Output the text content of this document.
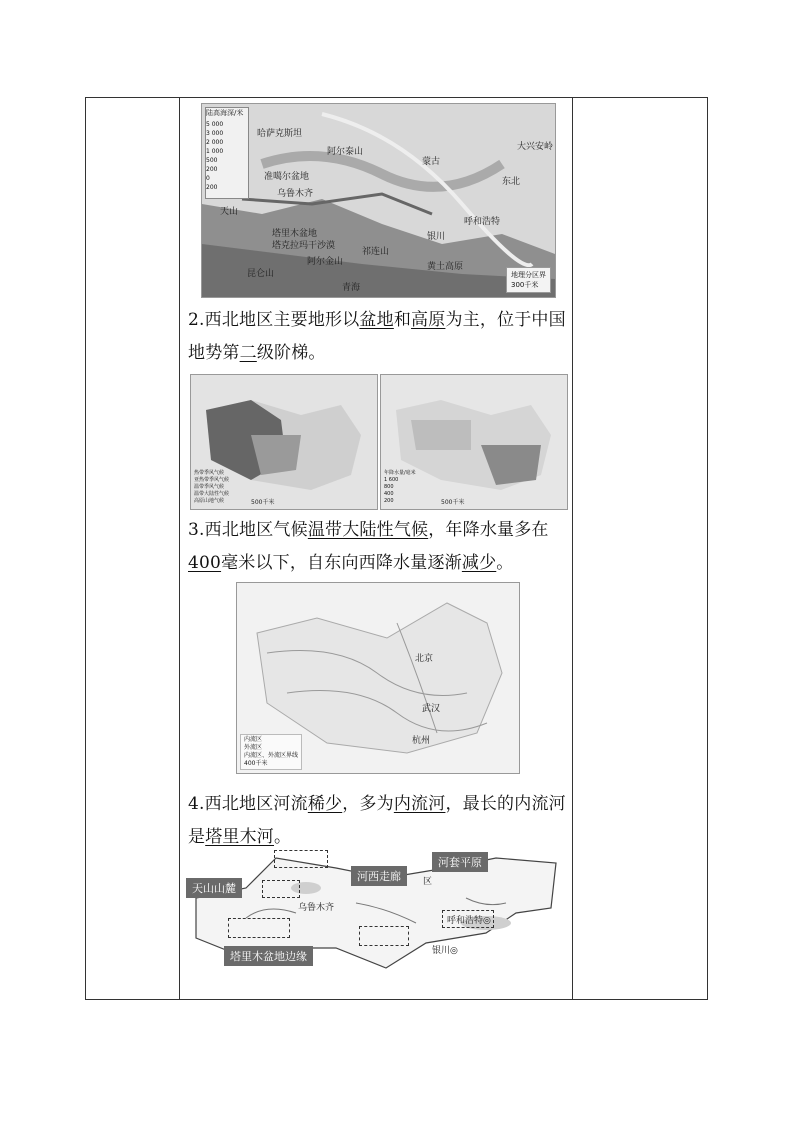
陆高海深/米
5 000
3 000
2 000
1 000
500
200
0
200
哈萨克斯坦
阿尔泰山
蒙古
准噶尔盆地
乌鲁木齐
天山
塔里木盆地
塔克拉玛干沙漠
阿尔金山
祁连山
昆仑山
青海
大兴安岭
东北
银川
呼和浩特
黄土高原
地理分区界
300千米
2.西北地区主要地形以盆地和高原为主，位于中国地势第二级阶梯。
热带季风气候
亚热带季风气候
温带季风气候
温带大陆性气候
高原山地气候	500千米
年降水量/毫米
1 600
800
400
200	500千米
3.西北地区气候温带大陆性气候，年降水量多在400毫米以下，自东向西降水量逐渐减少。
北京
武汉
杭州
内流区
外流区
内流区、外流区界线
400千米
4.西北地区河流稀少，多为内流河，最长的内流河是塔里木河。
天山山麓
河西走廊
河套平原
塔里木盆地边缘
乌鲁木齐
呼和浩特◎
银川◎
区
